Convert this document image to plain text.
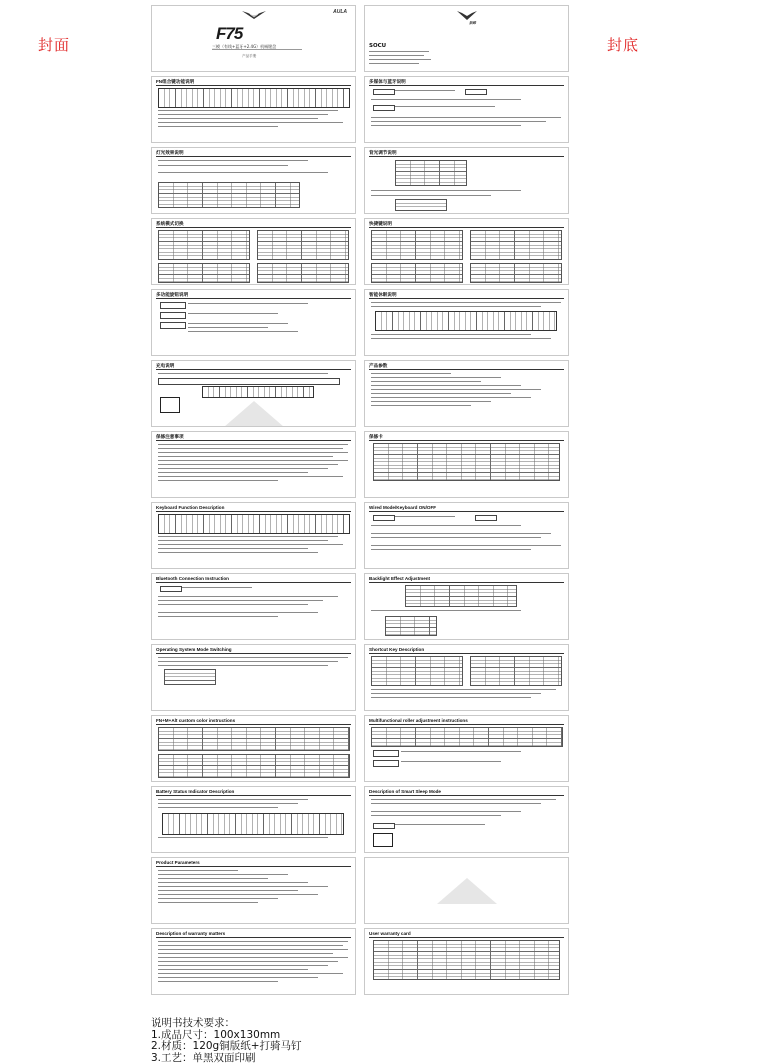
封面	封底
AULA
F75
三模（有线+蓝牙+2.4G）机械键盘
产品手册
狼蛛
SOCU
FN组合键功能说明	多媒体与蓝牙说明
灯光效果说明	背光调节说明
系统模式切换	快捷键说明
多功能旋钮说明	智能休眠说明
充电说明	产品参数
保修注意事项	保修卡
Keyboard Function Description	Wired Mode/Keyboard ON/OFF
Bluetooth Connection Instruction	Backlight Effect Adjustment
Operating System Mode Switching	Shortcut Key Description
FN+M+Alt custom color instructions	Multifunctional roller adjustment instructions
Battery Status Indicator Description	Description of Smart Sleep Mode
Product Parameters
Description of warranty matters	User warranty card
说明书技术要求：
1.成品尺寸：100x130mm
2.材质：120g铜版纸+打骑马钉
3.工艺：单黑双面印刷
